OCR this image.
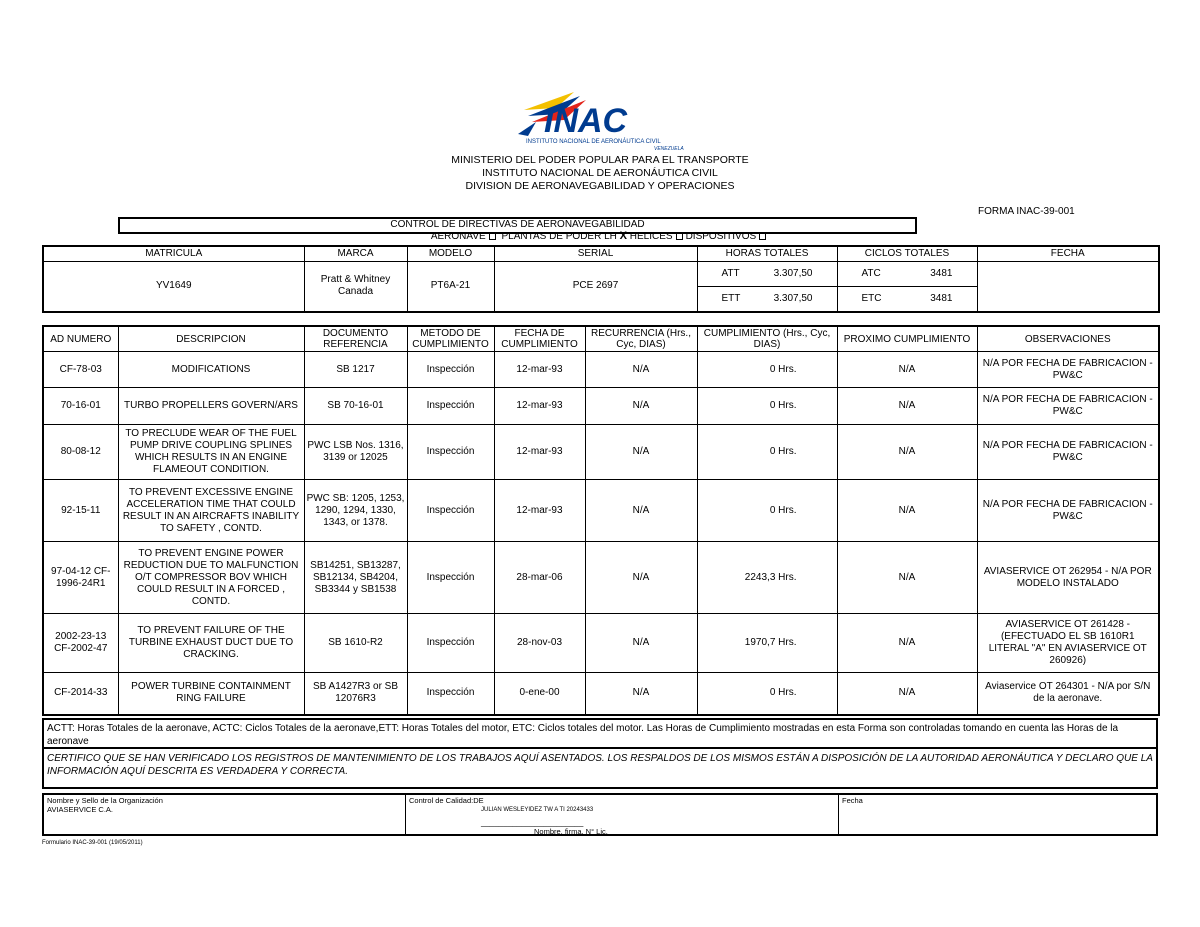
INAC
INSTITUTO NACIONAL DE AERONÁUTICA CIVIL
VENEZUELA
MINISTERIO DEL PODER POPULAR PARA EL TRANSPORTE
INSTITUTO NACIONAL DE AERONÁUTICA CIVIL
DIVISION DE AERONAVEGABILIDAD Y OPERACIONES
FORMA INAC-39-001
CONTROL DE DIRECTIVAS DE AERONAVEGABILIDAD
AERONAVE PLANTAS DE PODER LH X HELICES DISPOSITIVOS
MATRICULA	MARCA	MODELO	SERIAL	HORAS TOTALES	CICLOS TOTALES	FECHA
YV1649	Pratt & Whitney Canada	PT6A-21	PCE 2697	ATT 3.307,50	ATC 3481	

				ETT 3.307,50	ETC 3481	
AD NUMERO	DESCRIPCION	DOCUMENTO REFERENCIA	METODO DE CUMPLIMIENTO	FECHA DE CUMPLIMIENTO	RECURRENCIA (Hrs., Cyc, DIAS)	CUMPLIMIENTO (Hrs., Cyc, DIAS)	PROXIMO CUMPLIMIENTO	OBSERVACIONES
CF-78-03	MODIFICATIONS	SB 1217	Inspección	12-mar-93	N/A	0 Hrs.	N/A	N/A POR FECHA DE FABRICACION - PW&C
70-16-01	TURBO PROPELLERS GOVERN/ARS	SB 70-16-01	Inspección	12-mar-93	N/A	0 Hrs.	N/A	N/A POR FECHA DE FABRICACION - PW&C
80-08-12	TO PRECLUDE WEAR OF THE FUEL PUMP DRIVE COUPLING SPLINES WHICH RESULTS IN AN ENGINE FLAMEOUT CONDITION.	PWC LSB Nos. 1316, 3139 or 12025	Inspección	12-mar-93	N/A	0 Hrs.	N/A	N/A POR FECHA DE FABRICACION - PW&C
92-15-11	TO PREVENT EXCESSIVE ENGINE ACCELERATION TIME THAT COULD RESULT IN AN AIRCRAFTS INABILITY TO SAFETY , CONTD.	PWC SB: 1205, 1253, 1290, 1294, 1330, 1343, or 1378.	Inspección	12-mar-93	N/A	0 Hrs.	N/A	N/A POR FECHA DE FABRICACION - PW&C
97-04-12 CF-1996-24R1	TO PREVENT ENGINE POWER REDUCTION DUE TO MALFUNCTION O/T COMPRESSOR BOV WHICH COULD RESULT IN A FORCED , CONTD.	SB14251, SB13287, SB12134, SB4204, SB3344 y SB1538	Inspección	28-mar-06	N/A	2243,3 Hrs.	N/A	AVIASERVICE OT 262954 - N/A POR MODELO INSTALADO
2002-23-13 CF-2002-47	TO PREVENT FAILURE OF THE TURBINE EXHAUST DUCT DUE TO CRACKING.	SB 1610-R2	Inspección	28-nov-03	N/A	1970,7 Hrs.	N/A	AVIASERVICE OT 261428 - (EFECTUADO EL SB 1610R1 LITERAL "A" EN AVIASERVICE OT 260926)
CF-2014-33	POWER TURBINE CONTAINMENT RING FAILURE	SB A1427R3 or SB 12076R3	Inspección	0-ene-00	N/A	0 Hrs.	N/A	Aviaservice OT 264301 - N/A por S/N de la aeronave.
ACTT: Horas Totales de la aeronave, ACTC: Ciclos Totales de la aeronave,ETT: Horas Totales del motor, ETC: Ciclos totales del motor. Las Horas de Cumplimiento mostradas en esta Forma son controladas tomando en cuenta las Horas de la aeronave
CERTIFICO QUE SE HAN VERIFICADO LOS REGISTROS DE MANTENIMIENTO DE LOS TRABAJOS AQUÍ ASENTADOS. LOS RESPALDOS DE LOS MISMOS ESTÁN A DISPOSICIÓN DE LA AUTORIDAD AERONÁUTICA Y DECLARO QUE LA INFORMACIÓN AQUÍ DESCRITA ES VERDADERA Y CORRECTA.
Nombre y Sello de la Organización
AVIASERVICE C.A.
Control de Calidad:DE
JULIAN WESLEYIDEZ TW A TI 20243433
_______________________
Nombre, firma, N° Lic.
Fecha
Formulario INAC-39-001 (19/05/2011)
